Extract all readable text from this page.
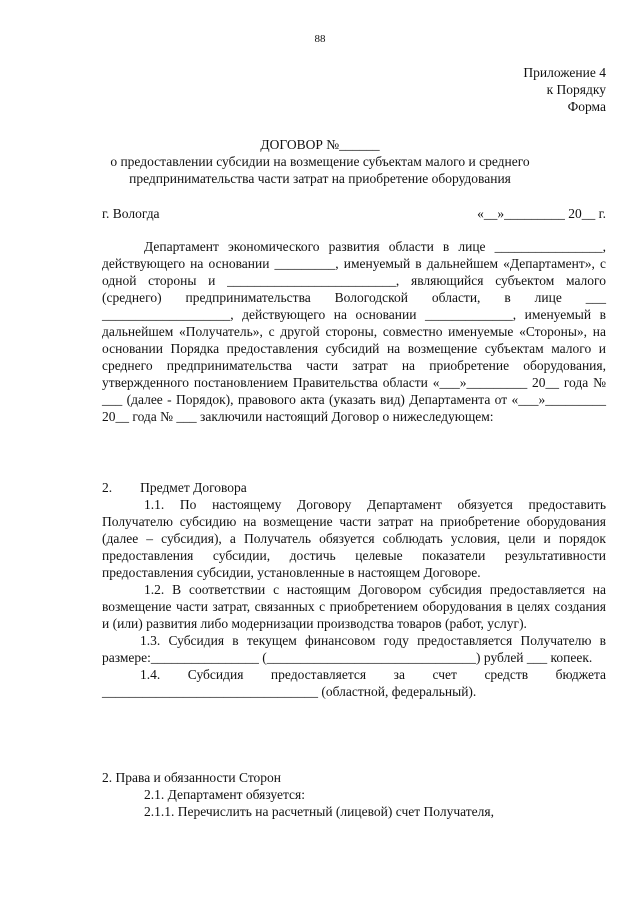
88
Приложение 4
к Порядку
Форма
ДОГОВОР №______
о предоставлении субсидии на возмещение субъектам малого и среднего
предпринимательства части затрат на приобретение оборудования
г. Вологда	«__»_________ 20__ г.

Департамент экономического развития области в лице ________________, действующего на основании _________, именуемый в дальнейшем «Департамент», с одной стороны и _________________________, являющийся субъектом малого (среднего) предпринимательства Вологодской области, в лице ___ ___________________, действующего на основании _____________, именуемый в дальнейшем «Получатель», с другой стороны, совместно именуемые «Стороны», на основании Порядка предоставления субсидий на возмещение субъектам малого и среднего предпринимательства части затрат на приобретение оборудования, утвержденного постановлением Правительства области «___»_________ 20__ года № ___ (далее - Порядок), правового акта (указать вид) Департамента от «___»_________ 20__ года № ___ заключили настоящий Договор о нижеследующем:

2. Предмет Договора

1.1. По настоящему Договору Департамент обязуется предоставить Получателю субсидию на возмещение части затрат на приобретение оборудования (далее – субсидия), а Получатель обязуется соблюдать условия, цели и порядок предоставления субсидии, достичь целевые показатели результативности предоставления субсидии, установленные в настоящем Договоре.

1.2. В соответствии с настоящим Договором субсидия предоставляется на возмещение части затрат, связанных с приобретением оборудования в целях создания и (или) развития либо модернизации производства товаров (работ, услуг).

1.3. Субсидия в текущем финансовом году предоставляется Получателю в размере:________________ (_______________________________) рублей ___ копеек.

1.4. Субсидия предоставляется за счет средств бюджета ________________________________ (областной, федеральный).

2. Права и обязанности Сторон

2.1. Департамент обязуется:

2.1.1. Перечислить на расчетный (лицевой) счет Получателя,
